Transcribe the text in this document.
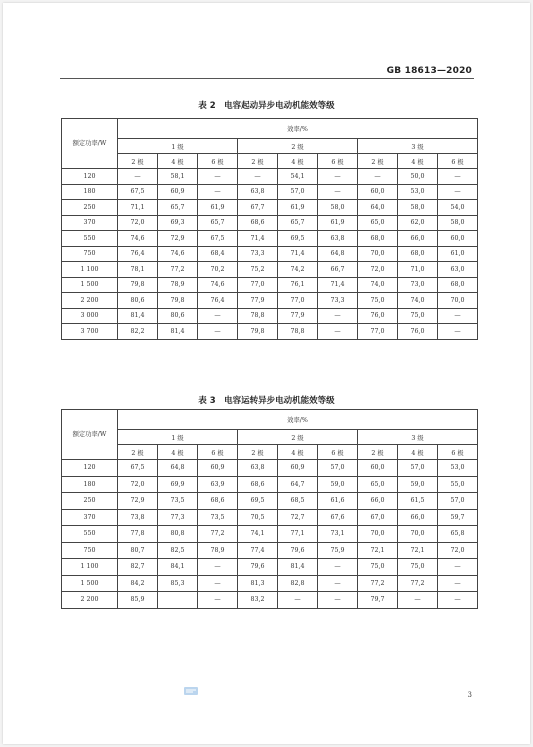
GB 18613—2020
表 2　电容起动异步电动机能效等级
额定功率/W	效率/%								
	1 级			2 级			3 级		
	2 极	4 极	6 极	2 极	4 极	6 极	2 极	4 极	6 极
120	—	58,1	—	—	54,1	—	—	50,0	—
180	67,5	60,9	—	63,8	57,0	—	60,0	53,0	—
250	71,1	65,7	61,9	67,7	61,9	58,0	64,0	58,0	54,0
370	72,0	69,3	65,7	68,6	65,7	61,9	65,0	62,0	58,0
550	74,6	72,9	67,5	71,4	69,5	63,8	68,0	66,0	60,0
750	76,4	74,6	68,4	73,3	71,4	64,8	70,0	68,0	61,0
1 100	78,1	77,2	70,2	75,2	74,2	66,7	72,0	71,0	63,0
1 500	79,8	78,9	74,6	77,0	76,1	71,4	74,0	73,0	68,0
2 200	80,6	79,8	76,4	77,9	77,0	73,3	75,0	74,0	70,0
3 000	81,4	80,6	—	78,8	77,9	—	76,0	75,0	—
3 700	82,2	81,4	—	79,8	78,8	—	77,0	76,0	—
表 3　电容运转异步电动机能效等级
额定功率/W	效率/%								
	1 级			2 级			3 级		
	2 极	4 极	6 极	2 极	4 极	6 极	2 极	4 极	6 极
120	67,5	64,8	60,9	63,8	60,9	57,0	60,0	57,0	53,0
180	72,0	69,9	63,9	68,6	64,7	59,0	65,0	59,0	55,0
250	72,9	73,5	68,6	69,5	68,5	61,6	66,0	61,5	57,0
370	73,8	77,3	73,5	70,5	72,7	67,6	67,0	66,0	59,7
550	77,8	80,8	77,2	74,1	77,1	73,1	70,0	70,0	65,8
750	80,7	82,5	78,9	77,4	79,6	75,9	72,1	72,1	72,0
1 100	82,7	84,1	—	79,6	81,4	—	75,0	75,0	—
1 500	84,2	85,3	—	81,3	82,8	—	77,2	77,2	—
2 200	85,9		—	83,2	—	—	79,7	—	—
3
